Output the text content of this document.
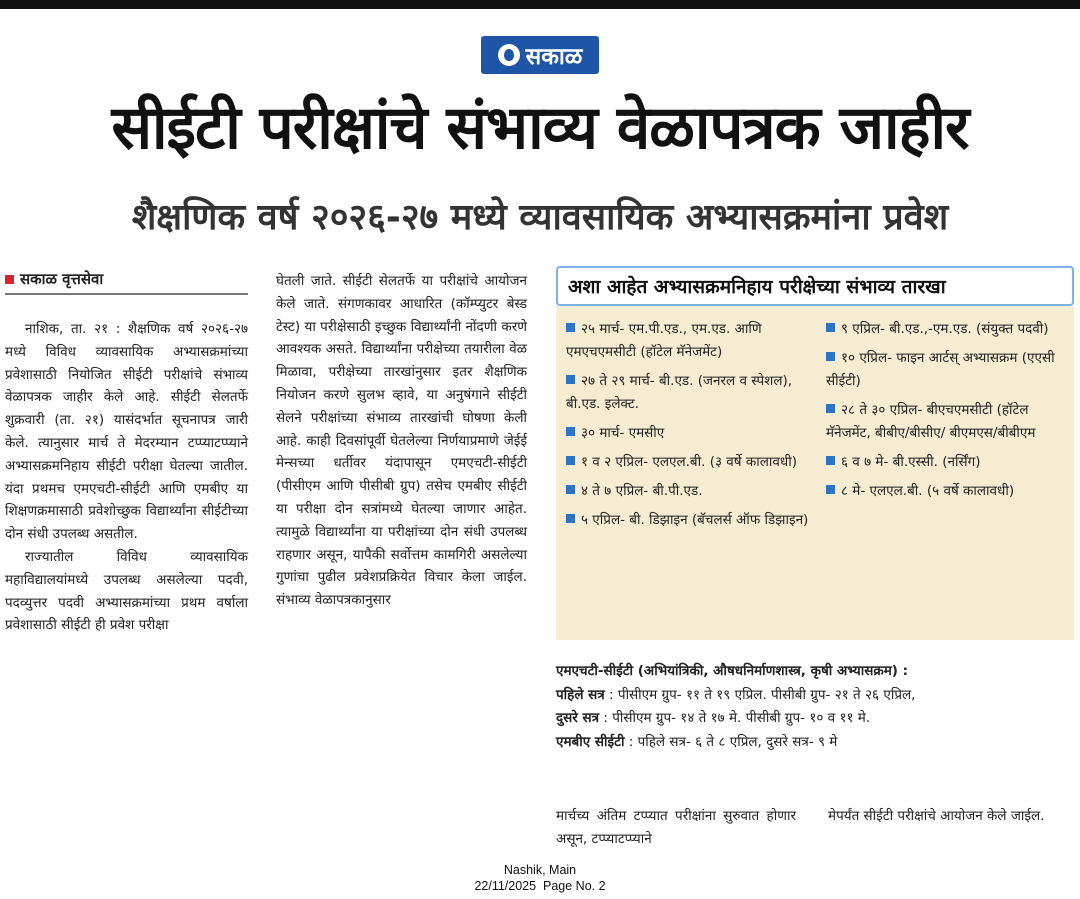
सकाळ
सीईटी परीक्षांचे संभाव्य वेळापत्रक जाहीर
शैक्षणिक वर्ष २०२६-२७ मध्ये व्यावसायिक अभ्यासक्रमांना प्रवेश
सकाळ वृत्तसेवा

नाशिक, ता. २१ : शैक्षणिक वर्ष २०२६-२७ मध्ये विविध व्यावसायिक अभ्यासक्रमांच्या प्रवेशासाठी नियोजित सीईटी परीक्षांचे संभाव्य वेळापत्रक जाहीर केले आहे. सीईटी सेलतर्फे शुक्रवारी (ता. २१) यासंदर्भात सूचनापत्र जारी केले. त्यानुसार मार्च ते मेदरम्यान टप्प्याटप्प्याने अभ्यासक्रमनिहाय सीईटी परीक्षा घेतल्या जातील. यंदा प्रथमच एमएचटी-सीईटी आणि एमबीए या शिक्षणक्रमासाठी प्रवेशोच्छुक विद्यार्थ्यांना सीईटीच्या दोन संधी उपलब्ध असतील.

राज्यातील विविध व्यावसायिक महाविद्यालयांमध्ये उपलब्ध असलेल्या पदवी, पदव्युत्तर पदवी अभ्यासक्रमांच्या प्रथम वर्षाला प्रवेशासाठी सीईटी ही प्रवेश परीक्षा

घेतली जाते. सीईटी सेलतर्फे या परीक्षांचे आयोजन केले जाते. संगणकावर आधारित (कॉम्प्युटर बेस्ड टेस्ट) या परीक्षेसाठी इच्छुक विद्यार्थ्यांनी नोंदणी करणे आवश्यक असते. विद्यार्थ्यांना परीक्षेच्या तयारीला वेळ मिळावा, परीक्षेच्या तारखांनुसार इतर शैक्षणिक नियोजन करणे सुलभ व्हावे, या अनुषंगाने सीईटी सेलने परीक्षांच्या संभाव्य तारखांची घोषणा केली आहे. काही दिवसांपूर्वी घेतलेल्या निर्णयाप्रमाणे जेईई मेन्सच्या धर्तीवर यंदापासून एमएचटी-सीईटी (पीसीएम आणि पीसीबी ग्रुप) तसेच एमबीए सीईटी या परीक्षा दोन सत्रांमध्ये घेतल्या जाणार आहेत. त्यामुळे विद्यार्थ्यांना या परीक्षांच्या दोन संधी उपलब्ध राहणार असून, यापैकी सर्वोत्तम कामगिरी असलेल्या गुणांचा पुढील प्रवेशप्रक्रियेत विचार केला जाईल. संभाव्य वेळापत्रकानुसार

अशा आहेत अभ्यासक्रमनिहाय परीक्षेच्या संभाव्य तारखा
२५ मार्च- एम.पी.एड., एम.एड. आणि एमएचएमसीटी (हॉटेल मॅनेजमेंट)
२७ ते २९ मार्च- बी.एड. (जनरल व स्पेशल), बी.एड. इलेक्ट.
३० मार्च- एमसीए
१ व २ एप्रिल- एलएल.बी. (३ वर्षे कालावधी)
४ ते ७ एप्रिल- बी.पी.एड.
५ एप्रिल- बी. डिझाइन (बॅचलर्स ऑफ डिझाइन)
९ एप्रिल- बी.एड.,-एम.एड. (संयुक्त पदवी)
१० एप्रिल- फाइन आर्टस् अभ्यासक्रम (एएसी सीईटी)
२८ ते ३० एप्रिल- बीएचएमसीटी (हॉटेल मॅनेजमेंट, बीबीए/बीसीए/ बीएमएस/बीबीएम
६ व ७ मे- बी.एस्सी. (नर्सिंग)
८ मे- एलएल.बी. (५ वर्षे कालावधी)
एमएचटी-सीईटी (अभियांत्रिकी, औषधनिर्माणशास्त्र, कृषी अभ्यासक्रम) :
पहिले सत्र : पीसीएम ग्रुप- ११ ते १९ एप्रिल. पीसीबी ग्रुप- २१ ते २६ एप्रिल,
दुसरे सत्र : पीसीएम ग्रुप- १४ ते १७ मे. पीसीबी ग्रुप- १० व ११ मे.
एमबीए सीईटी : पहिले सत्र- ६ ते ८ एप्रिल, दुसरे सत्र- ९ मे

मार्चच्य अंतिम टप्प्यात परीक्षांना सुरुवात होणार असून, टप्प्याटप्प्याने

मेपर्यंत सीईटी परीक्षांचे आयोजन केले जाईल.

Nashik, Main
22/11/2025  Page No. 2
